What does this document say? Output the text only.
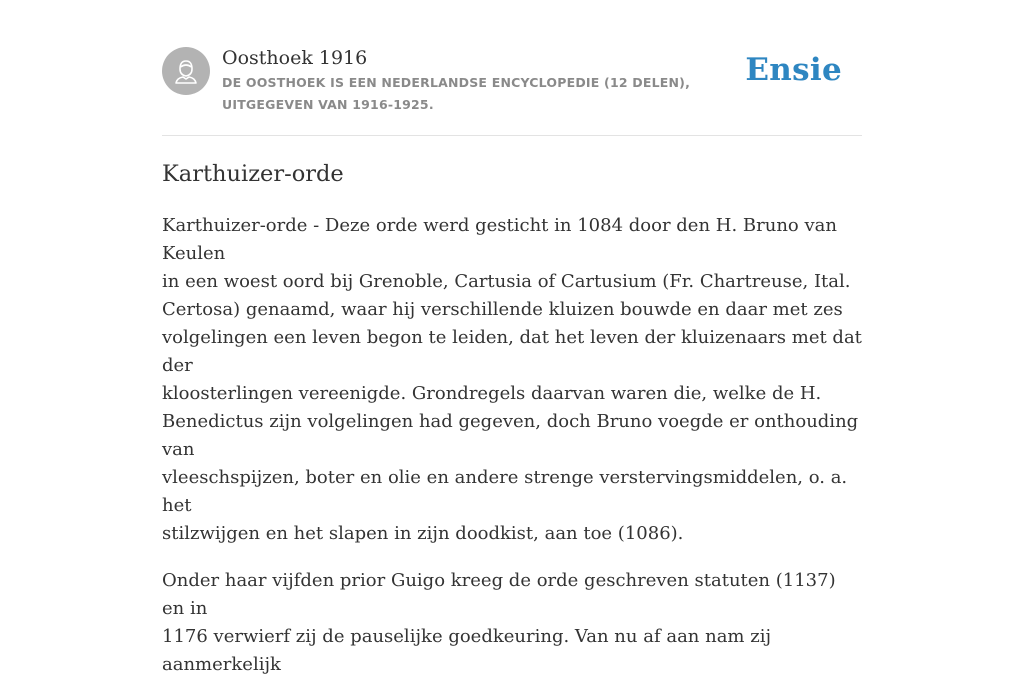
Oosthoek 1916
DE OOSTHOEK IS EEN NEDERLANDSE ENCYCLOPEDIE (12 DELEN), UITGEGEVEN VAN 1916-1925.
Ensie
Karthuizer-orde

Karthuizer-orde - Deze orde werd gesticht in 1084 door den H. Bruno van Keulen
in een woest oord bij Grenoble, Cartusia of Cartusium (Fr. Chartreuse, Ital.
Certosa) genaamd, waar hij verschillende kluizen bouwde en daar met zes
volgelingen een leven begon te leiden, dat het leven der kluizenaars met dat der
kloosterlingen vereenigde. Grondregels daarvan waren die, welke de H.
Benedictus zijn volgelingen had gegeven, doch Bruno voegde er onthouding van
vleeschspijzen, boter en olie en andere strenge verstervingsmiddelen, o. a. het
stilzwijgen en het slapen in zijn doodkist, aan toe (1086).

Onder haar vijfden prior Guigo kreeg de orde geschreven statuten (1137) en in
1176 verwierf zij de pauselijke goedkeuring. Van nu af aan nam zij aanmerkelijk
